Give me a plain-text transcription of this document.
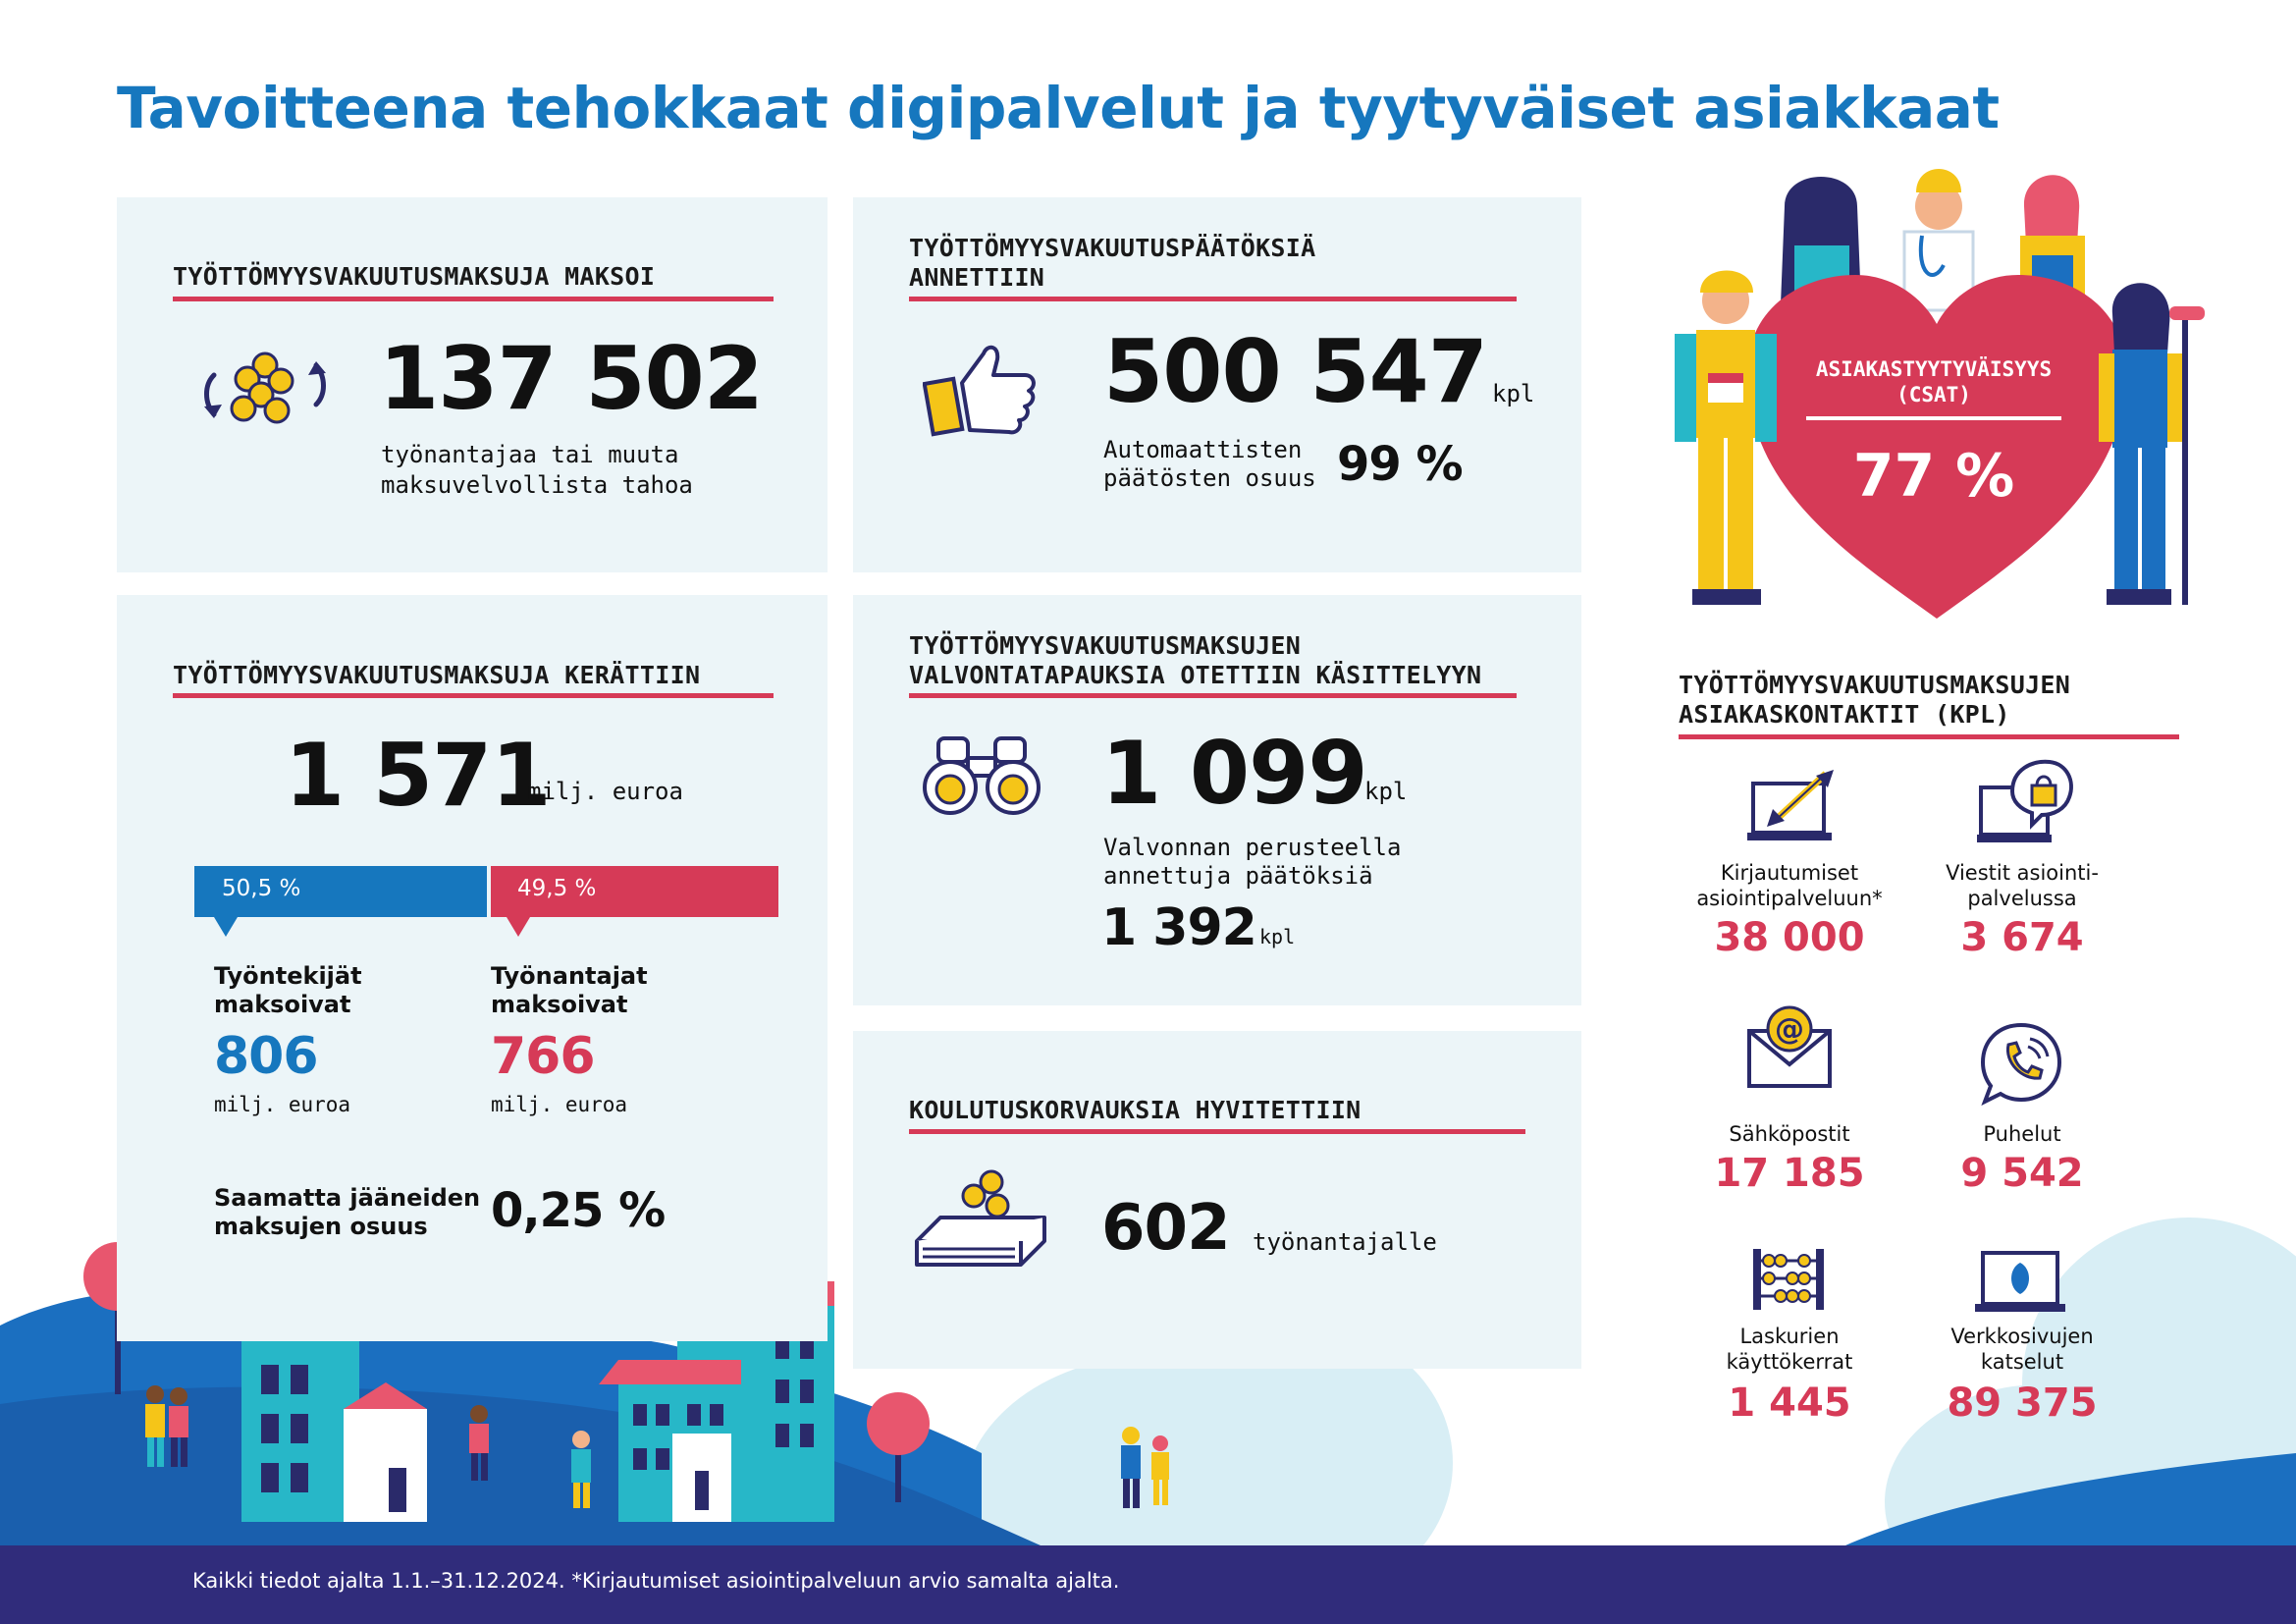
Tavoitteena tehokkaat digipalvelut ja tyytyväiset asiakkaat
TYÖTTÖMYYSVAKUUTUSMAKSUJA MAKSOI
137 502
työnantajaa tai muuta
maksuvelvollista tahoa
TYÖTTÖMYYSVAKUUTUSPÄÄTÖKSIÄ
ANNETTIIN
500 547 kpl
Automaattisten
päätösten osuus 99 %
TYÖTTÖMYYSVAKUUTUSMAKSUJA KERÄTTIIN
1 571
milj. euroa
50,5 %	49,5 %
Työntekijät
maksoivat
806
milj. euroa
Työnantajat
maksoivat
766
milj. euroa
Saamatta jääneiden
maksujen osuus 0,25 %
TYÖTTÖMYYSVAKUUTUSMAKSUJEN
VALVONTATAPAUKSIA OTETTIIN KÄSITTELYYN
1 099
kpl
Valvonnan perusteella
annettuja päätöksiä
1 392 kpl
KOULUTUSKORVAUKSIA HYVITETTIIN
602 työnantajalle
ASIAKASTYYTYVÄISYYS
(CSAT)
77 %
TYÖTTÖMYYSVAKUUTUSMAKSUJEN
ASIAKASKONTAKTIT (KPL)
@
Kirjautumiset
asiointipalveluun*
38 000
Viestit asiointi-
palvelussa
3 674
Sähköpostit
17 185
Puhelut
9 542
Laskurien
käyttökerrat
1 445
Verkkosivujen
katselut
89 375
Kaikki tiedot ajalta 1.1.–31.12.2024. *Kirjautumiset asiointipalveluun arvio samalta ajalta.
